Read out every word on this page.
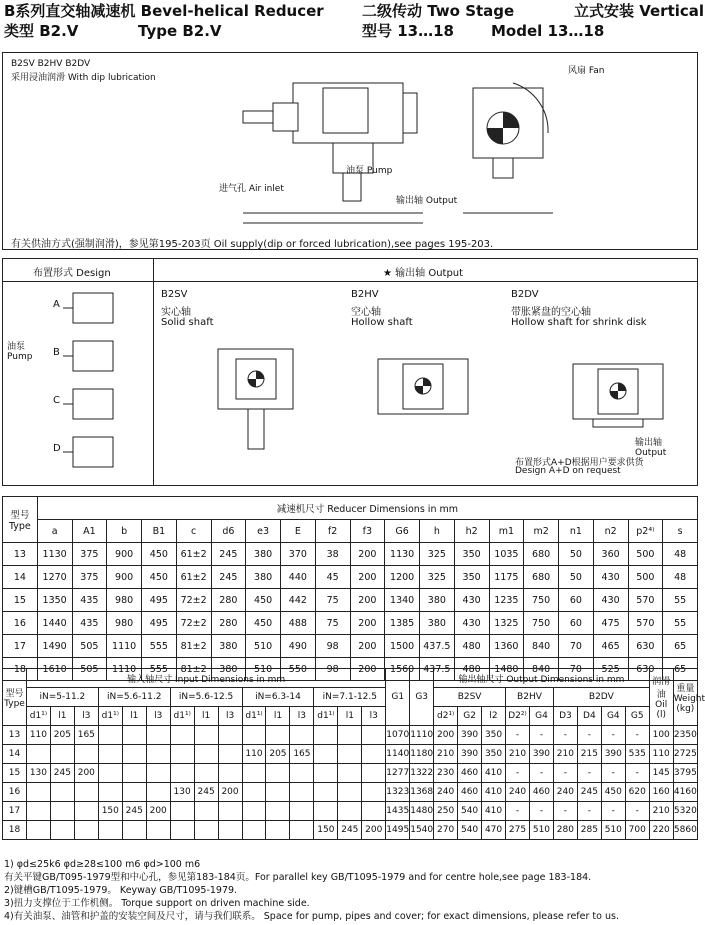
B系列直交轴减速机 Bevel-helical Reducer	二级传动 Two Stage	立式安装 Vertical
类型 B2.V	Type B2.V	型号 13…18 Model 13…18
B2SV B2HV B2DV
采用浸油润滑 With dip lubrication
油泵 Pump
进气孔 Air inlet
输出轴 Output
风扇 Fan
有关供油方式(强制润滑)，参见第195-203页 Oil supply(dip or forced lubrication),see pages 195-203.
布置形式 Design	★ 输出轴 Output
A
B
C
D
油泵
Pump
B2SV
实心轴
Solid shaft
B2HV
空心轴
Hollow shaft
B2DV
带胀紧盘的空心轴
Hollow shaft for shrink disk
输出轴
Output
布置形式A+D根据用户要求供货
Design A+D on request
型号
Type	减速机尺寸 Reducer Dimensions in mm																		
	a	A1	b	B1	c	d6	e3	E	f2	f3	G6	h	h2	m1	m2	n1	n2	p2⁴⁾	s
13	1130	375	900	450	61±2	245	380	370	38	200	1130	325	350	1035	680	50	360	500	48
14	1270	375	900	450	61±2	245	380	440	45	200	1200	325	350	1175	680	50	430	500	48
15	1350	435	980	495	72±2	280	450	442	75	200	1340	380	430	1235	750	60	430	570	55
16	1440	435	980	495	72±2	280	450	488	75	200	1385	380	430	1325	750	60	475	570	55
17	1490	505	1110	555	81±2	380	510	490	98	200	1500	437.5	480	1360	840	70	465	630	65
18	1610	505	1110	555	81±2	380	510	550	98	200	1560	437.5	480	1480	840	70	525	630	65
型号
Type	输入轴尺寸 Input Dimensions in mm															G1	G3	输出轴尺寸 Output Dimensions in mm									润滑油
Oil
(l)	重量
Weight
(kg)
	iN=5-11.2			iN=5.6-11.2			iN=5.6-12.5			iN=6.3-14			iN=7.1-12.5					B2SV			B2HV		B2DV					
	d1¹⁾	l1	l3	d1¹⁾	l1	l3	d1¹⁾	l1	l3	d1¹⁾	l1	l3	d1¹⁾	l1	l3			d2¹⁾	G2	l2	D2²⁾	G4	D3	D4	G4	G5		
13	110	205	165													1070	1110	200	390	350	-	-	-	-	-	-	100	2350
14										110	205	165				1140	1180	210	390	350	210	390	210	215	390	535	110	2725
15	130	245	200													1277	1322	230	460	410	-	-	-	-	-	-	145	3795
16							130	245	200							1323	1368	240	460	410	240	460	240	245	450	620	160	4160
17				150	245	200										1435	1480	250	540	410	-	-	-	-	-	-	210	5320
18													150	245	200	1495	1540	270	540	470	275	510	280	285	510	700	220	5860
1) φd≤25k6 φd≥28≤100 m6 φd>100 m6
有关平键GB/T095-1979型和中心孔，参见第183-184页。For parallel key GB/T1095-1979 and for centre hole,see page 183-184.
2)键槽GB/T1095-1979。 Keyway GB/T1095-1979.
3)扭力支撑位于工作机侧。 Torque support on driven machine side.
4)有关油泵、油管和护盖的安装空间及尺寸，请与我们联系。 Space for pump, pipes and cover; for exact dimensions, please refer to us.
